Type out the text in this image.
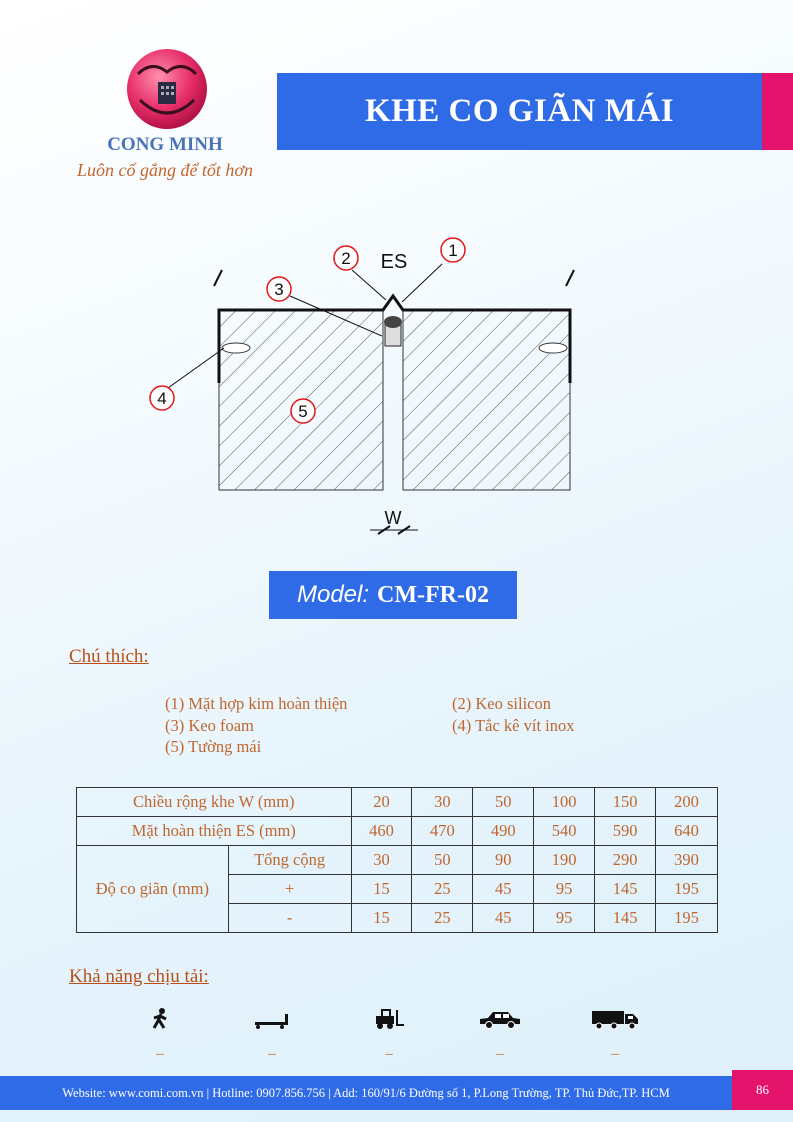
CONG MINH
Luôn cố gắng để tốt hơn
KHE CO GIÃN MÁI
1
2
3
4
5
ES
W
Model: CM-FR-02
Chú thích:
(1) Mặt hợp kim hoàn thiện	(2) Keo silicon
(3) Keo foam	(4) Tắc kê vít inox
(5) Tường mái
Chiều rộng khe W (mm)		20	30	50	100	150	200
Mặt hoàn thiện ES (mm)		460	470	490	540	590	640
Độ co giãn (mm)	Tổng cộng	30	50	90	190	290	390
	+	15	25	45	95	145	195
	-	15	25	45	95	145	195
Khả năng chịu tải:
–	–	–	–	–
Website: www.comi.com.vn | Hotline: 0907.856.756 | Add: 160/91/6 Đường số 1, P.Long Trường, TP. Thủ Đức,TP. HCM	86
